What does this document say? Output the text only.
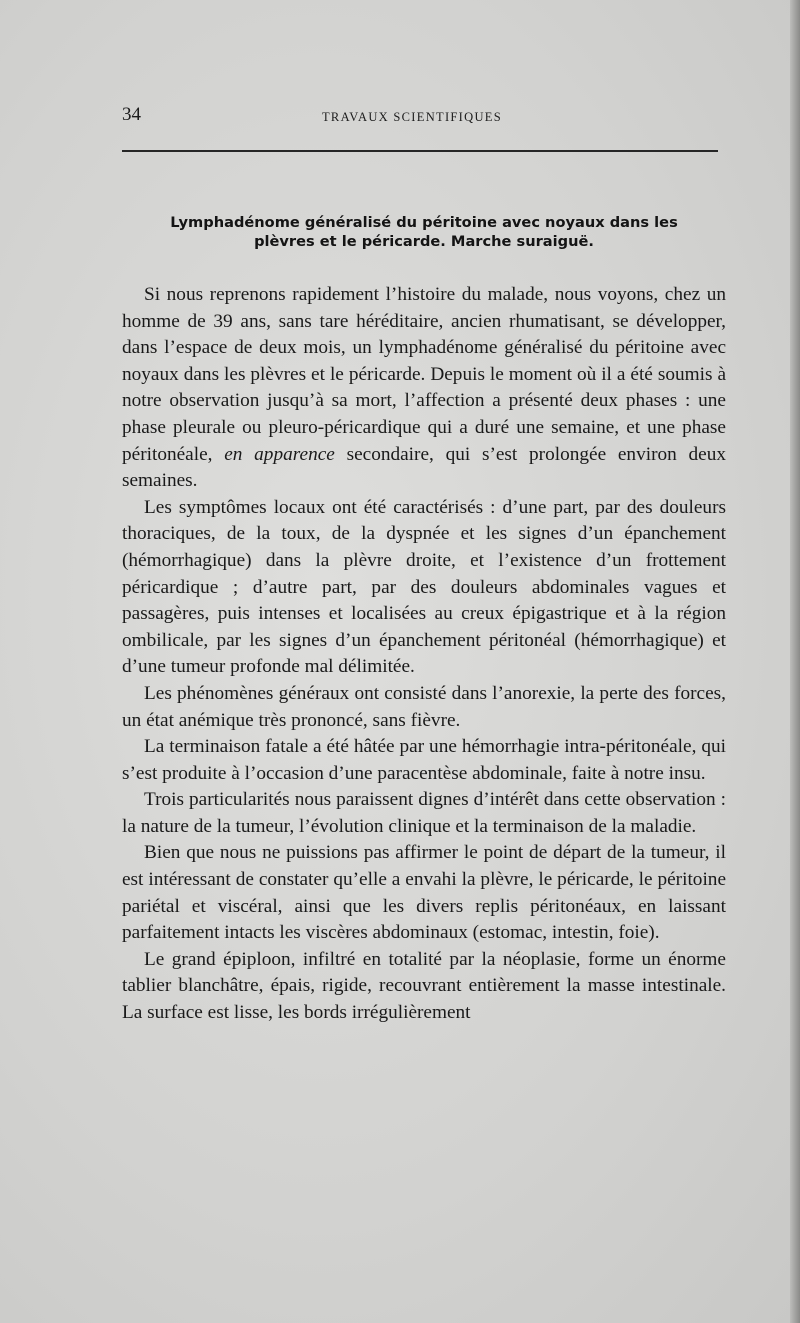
34	TRAVAUX SCIENTIFIQUES
Lymphadénome généralisé du péritoine avec noyaux dans les
plèvres et le péricarde. Marche suraiguë.

Si nous reprenons rapidement l’histoire du malade, nous voyons, chez un homme de 39 ans, sans tare héréditaire, ancien rhumatisant, se développer, dans l’espace de deux mois, un lymphadénome généralisé du péritoine avec noyaux dans les plèvres et le péricarde. Depuis le moment où il a été soumis à notre observation jusqu’à sa mort, l’affection a présenté deux phases : une phase pleurale ou pleuro-péricardique qui a duré une semaine, et une phase péritonéale, en apparence secondaire, qui s’est prolongée environ deux semaines.

Les symptômes locaux ont été caractérisés : d’une part, par des douleurs thoraciques, de la toux, de la dyspnée et les signes d’un épanchement (hémorrhagique) dans la plèvre droite, et l’existence d’un frottement péricardique ; d’autre part, par des douleurs abdominales vagues et passagères, puis intenses et localisées au creux épigastrique et à la région ombilicale, par les signes d’un épanchement péritonéal (hémorrhagique) et d’une tumeur profonde mal délimitée.

Les phénomènes généraux ont consisté dans l’anorexie, la perte des forces, un état anémique très prononcé, sans fièvre.

La terminaison fatale a été hâtée par une hémorrhagie intra-péritonéale, qui s’est produite à l’occasion d’une paracentèse abdominale, faite à notre insu.

Trois particularités nous paraissent dignes d’intérêt dans cette observation : la nature de la tumeur, l’évolution clinique et la terminaison de la maladie.

Bien que nous ne puissions pas affirmer le point de départ de la tumeur, il est intéressant de constater qu’elle a envahi la plèvre, le péricarde, le péritoine pariétal et viscéral, ainsi que les divers replis péritonéaux, en laissant parfaitement intacts les viscères abdominaux (estomac, intestin, foie).

Le grand épiploon, infiltré en totalité par la néoplasie, forme un énorme tablier blanchâtre, épais, rigide, recouvrant entièrement la masse intestinale. La surface est lisse, les bords irrégulièrement
